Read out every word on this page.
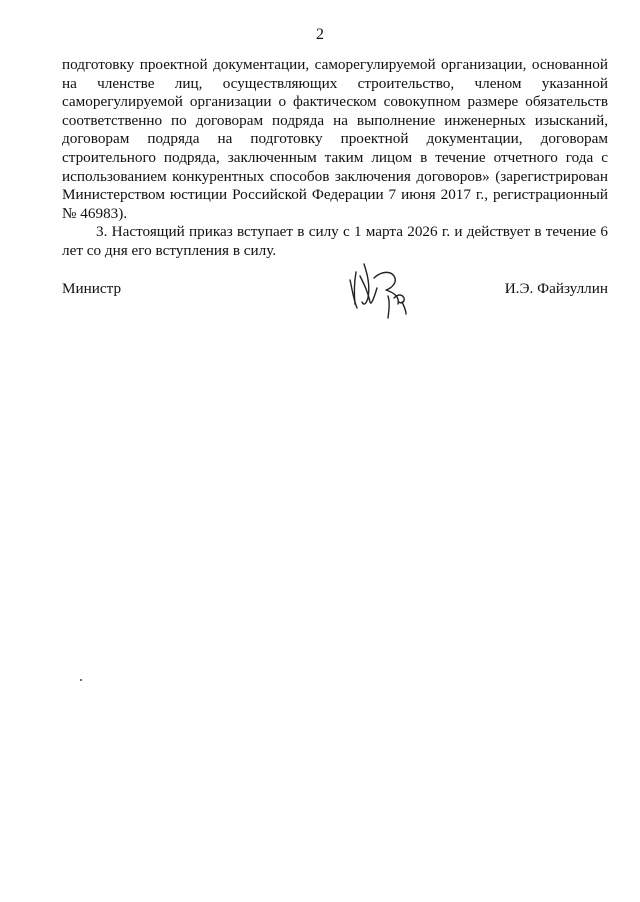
2

подготовку проектной документации, саморегулируемой организации, основанной на членстве лиц, осуществляющих строительство, членом указанной саморегулируемой организации о фактическом совокупном размере обязательств соответственно по договорам подряда на выполнение инженерных изысканий, договорам подряда на подготовку проектной документации, договорам строительного подряда, заключенным таким лицом в течение отчетного года с использованием конкурентных способов заключения договоров» (зарегистрирован Министерством юстиции Российской Федерации 7 июня 2017 г., регистрационный № 46983).

3. Настоящий приказ вступает в силу с 1 марта 2026 г. и действует в течение 6 лет со дня его вступления в силу.

Министр	И.Э. Файзуллин
